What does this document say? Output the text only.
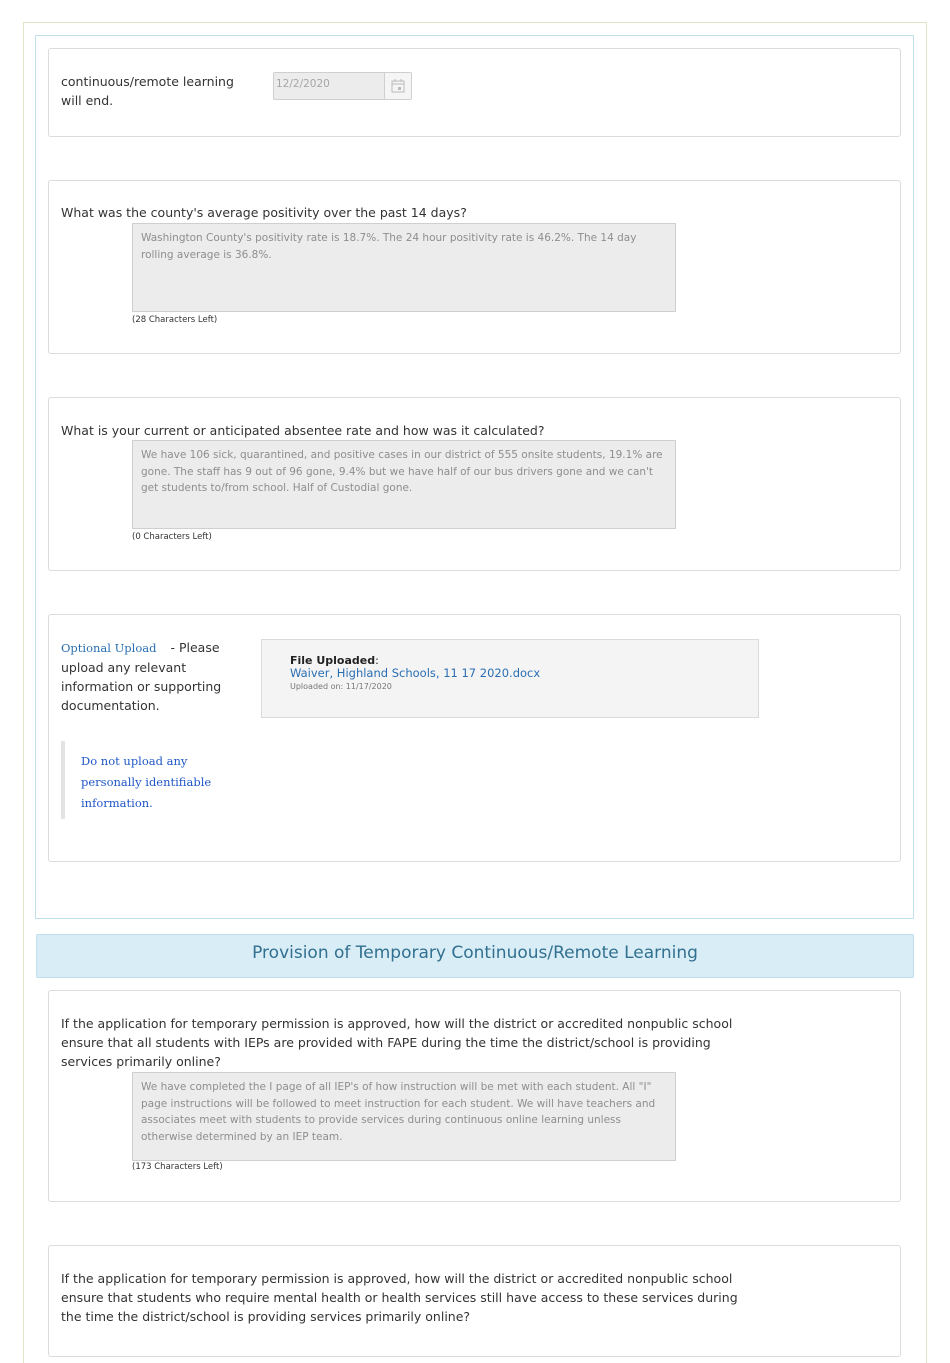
continuous/remote learning will end.
12/2/2020
What was the county's average positivity over the past 14 days?
Washington County's positivity rate is 18.7%. The 24 hour positivity rate is 46.2%. The 14 day rolling average is 36.8%.
(28 Characters Left)
What is your current or anticipated absentee rate and how was it calculated?
We have 106 sick, quarantined, and positive cases in our district of 555 onsite students, 19.1% are gone. The staff has 9 out of 96 gone, 9.4% but we have half of our bus drivers gone and we can't get students to/from school. Half of Custodial gone.
(0 Characters Left)
Optional Upload - Please upload any relevant information or supporting documentation.
File Uploaded:
Waiver, Highland Schools, 11 17 2020.docx
Uploaded on: 11/17/2020
Do not upload any personally identifiable information.
Provision of Temporary Continuous/Remote Learning
If the application for temporary permission is approved, how will the district or accredited nonpublic school ensure that all students with IEPs are provided with FAPE during the time the district/school is providing services primarily online?
We have completed the I page of all IEP's of how instruction will be met with each student. All "I" page instructions will be followed to meet instruction for each student. We will have teachers and associates meet with students to provide services during continuous online learning unless otherwise determined by an IEP team.
(173 Characters Left)
If the application for temporary permission is approved, how will the district or accredited nonpublic school ensure that students who require mental health or health services still have access to these services during the time the district/school is providing services primarily online?
